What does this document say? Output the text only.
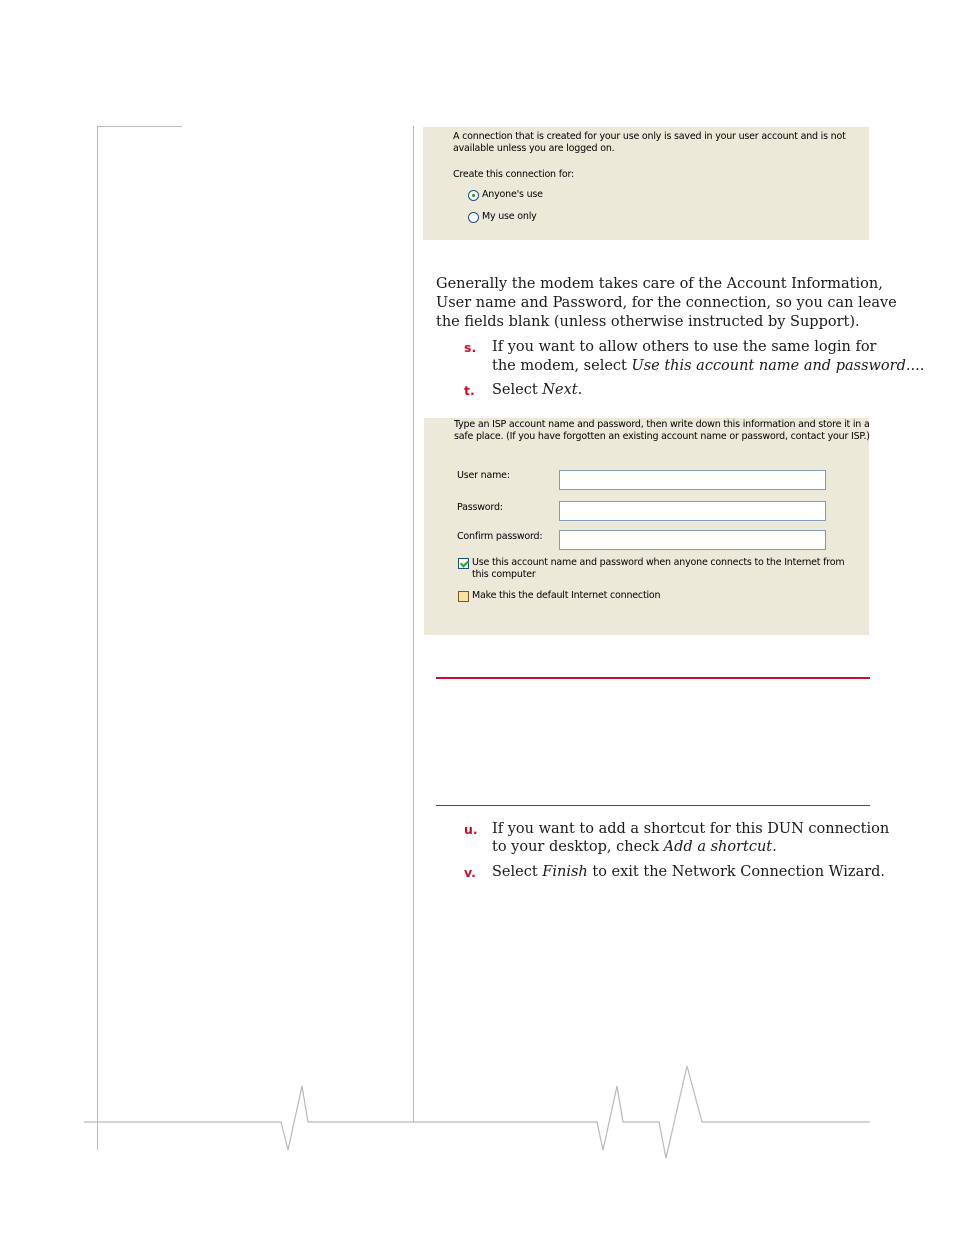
A connection that is created for your use only is saved in your user account and is not
available unless you are logged on.
Create this connection for:
Anyone's use
My use only
Generally the modem takes care of the Account Information,
User name and Password, for the connection, so you can leave
the fields blank (unless otherwise instructed by Support).
s. If you want to allow others to use the same login for
the modem, select Use this account name and password....
t. Select Next.
Type an ISP account name and password, then write down this information and store it in a
safe place. (If you have forgotten an existing account name or password, contact your ISP.)
User name:
Password:
Confirm password:
Use this account name and password when anyone connects to the Internet from
this computer
Make this the default Internet connection
u. If you want to add a shortcut for this DUN connection
to your desktop, check Add a shortcut.
v. Select Finish to exit the Network Connection Wizard.
